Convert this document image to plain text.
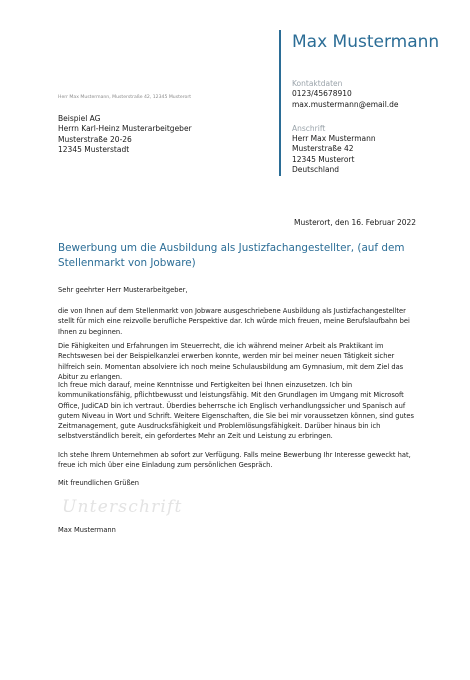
Max Mustermann
Kontaktdaten
0123/45678910
max.mustermann@email.de
Anschrift
Herr Max Mustermann
Musterstraße 42
12345 Musterort
Deutschland
Herr Max Mustermann, Musterstraße 42, 12345 Musterort
Beispiel AG
Herrn Karl-Heinz Musterarbeitgeber
Musterstraße 20-26
12345 Musterstadt
Musterort, den 16. Februar 2022
Bewerbung um die Ausbildung als Justizfachangestellter, (auf dem Stellenmarkt von Jobware)

Sehr geehrter Herr Musterarbeitgeber,

die von Ihnen auf dem Stellenmarkt von Jobware ausgeschriebene Ausbildung als Justizfachangestellter stellt für mich eine reizvolle berufliche Perspektive dar. Ich würde mich freuen, meine Berufslaufbahn bei Ihnen zu beginnen.

Die Fähigkeiten und Erfahrungen im Steuerrecht, die ich während meiner Arbeit als Praktikant im Rechtswesen bei der Beispielkanzlei erwerben konnte, werden mir bei meiner neuen Tätigkeit sicher hilfreich sein. Momentan absolviere ich noch meine Schulausbildung am Gymnasium, mit dem Ziel das Abitur zu erlangen.

Ich freue mich darauf, meine Kenntnisse und Fertigkeiten bei Ihnen einzusetzen. Ich bin kommunikationsfähig, pflichtbewusst und leistungsfähig. Mit den Grundlagen im Umgang mit Microsoft Office, JudiCAD bin ich vertraut. Überdies beherrsche ich Englisch verhandlungssicher und Spanisch auf gutem Niveau in Wort und Schrift. Weitere Eigenschaften, die Sie bei mir voraussetzen können, sind gutes Zeitmanagement, gute Ausdrucksfähigkeit und Problemlösungsfähigkeit. Darüber hinaus bin ich selbstverständlich bereit, ein gefordertes Mehr an Zeit und Leistung zu erbringen.

Ich stehe Ihrem Unternehmen ab sofort zur Verfügung. Falls meine Bewerbung Ihr Interesse geweckt hat, freue ich mich über eine Einladung zum persönlichen Gespräch.

Mit freundlichen Grüßen

Unterschrift

Max Mustermann
